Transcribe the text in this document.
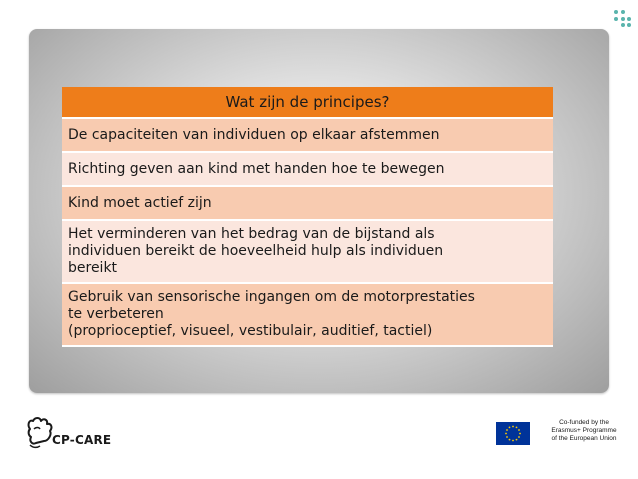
Wat zijn de principes?
De capaciteiten van individuen op elkaar afstemmen
Richting geven aan kind met handen hoe te bewegen
Kind moet actief zijn
Het verminderen van het bedrag van de bijstand als
individuen bereikt de hoeveelheid hulp als individuen
bereikt
Gebruik van sensorische ingangen om de motorprestaties
te verbeteren
(proprioceptief, visueel, vestibulair, auditief, tactiel)
CP-CARE
Co-funded by the
Erasmus+ Programme
of the European Union
